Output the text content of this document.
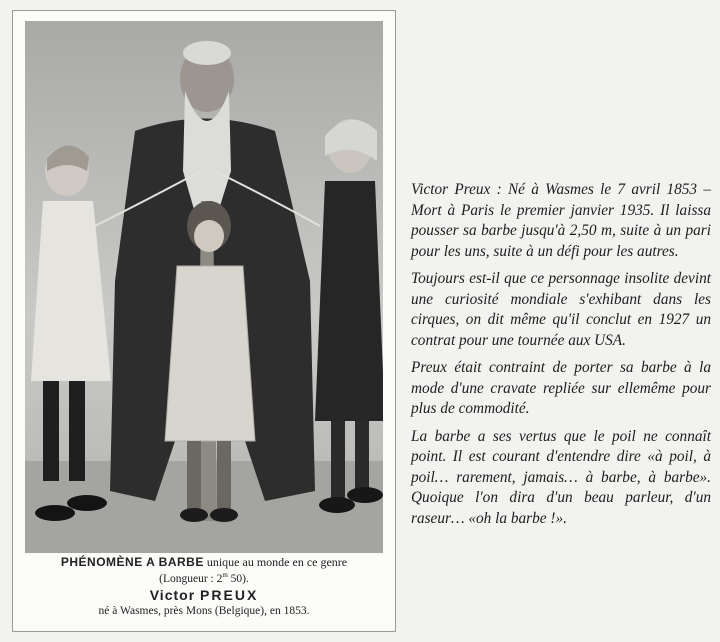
PHÉNOMÈNE A BARBE unique au monde en ce genre
(Longueur : 2$^m$ 50).
Victor PREUX
né à Wasmes, près Mons (Belgique), en 1853.

Victor Preux : Né à Wasmes le 7 avril 1853 – Mort à Paris le premier janvier 1935. Il laissa pousser sa barbe jusqu'à 2,50 m, suite à un pari pour les uns, suite à un défi pour les autres.

Toujours est-il que ce personnage insolite devint une curiosité mondiale s'exhibant dans les cirques, on dit même qu'il conclut en 1927 un contrat pour une tournée aux USA.

Preux était contraint de porter sa barbe à la mode d'une cravate repliée sur ellemême pour plus de commodité.

La barbe a ses vertus que le poil ne connaît point. Il est courant d'entendre dire «à poil, à poil… rarement, jamais… à barbe, à barbe». Quoique l'on dira d'un beau parleur, d'un raseur… «oh la barbe !».
